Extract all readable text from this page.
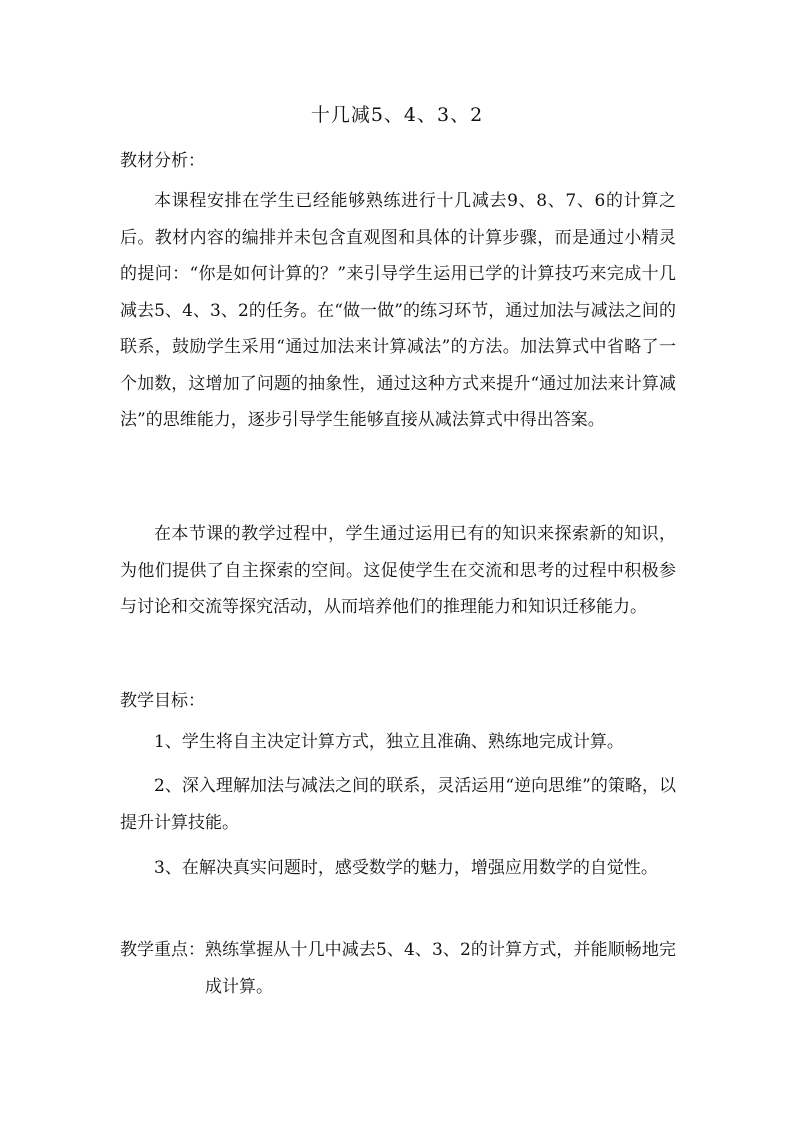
十几减5、4、3、2
教材分析：

本课程安排在学生已经能够熟练进行十几减去9、8、7、6的计算之后。教材内容的编排并未包含直观图和具体的计算步骤，而是通过小精灵的提问：“你是如何计算的？”来引导学生运用已学的计算技巧来完成十几减去5、4、3、2的任务。在“做一做”的练习环节，通过加法与减法之间的联系，鼓励学生采用“通过加法来计算减法”的方法。加法算式中省略了一个加数，这增加了问题的抽象性，通过这种方式来提升“通过加法来计算减法”的思维能力，逐步引导学生能够直接从减法算式中得出答案。

在本节课的教学过程中，学生通过运用已有的知识来探索新的知识，为他们提供了自主探索的空间。这促使学生在交流和思考的过程中积极参与讨论和交流等探究活动，从而培养他们的推理能力和知识迁移能力。

教学目标：

1、学生将自主决定计算方式，独立且准确、熟练地完成计算。

2、深入理解加法与减法之间的联系，灵活运用“逆向思维”的策略，以提升计算技能。

3、在解决真实问题时，感受数学的魅力，增强应用数学的自觉性。

教学重点： 熟练掌握从十几中减去5、4、3、2的计算方式，并能顺畅地完成计算。
